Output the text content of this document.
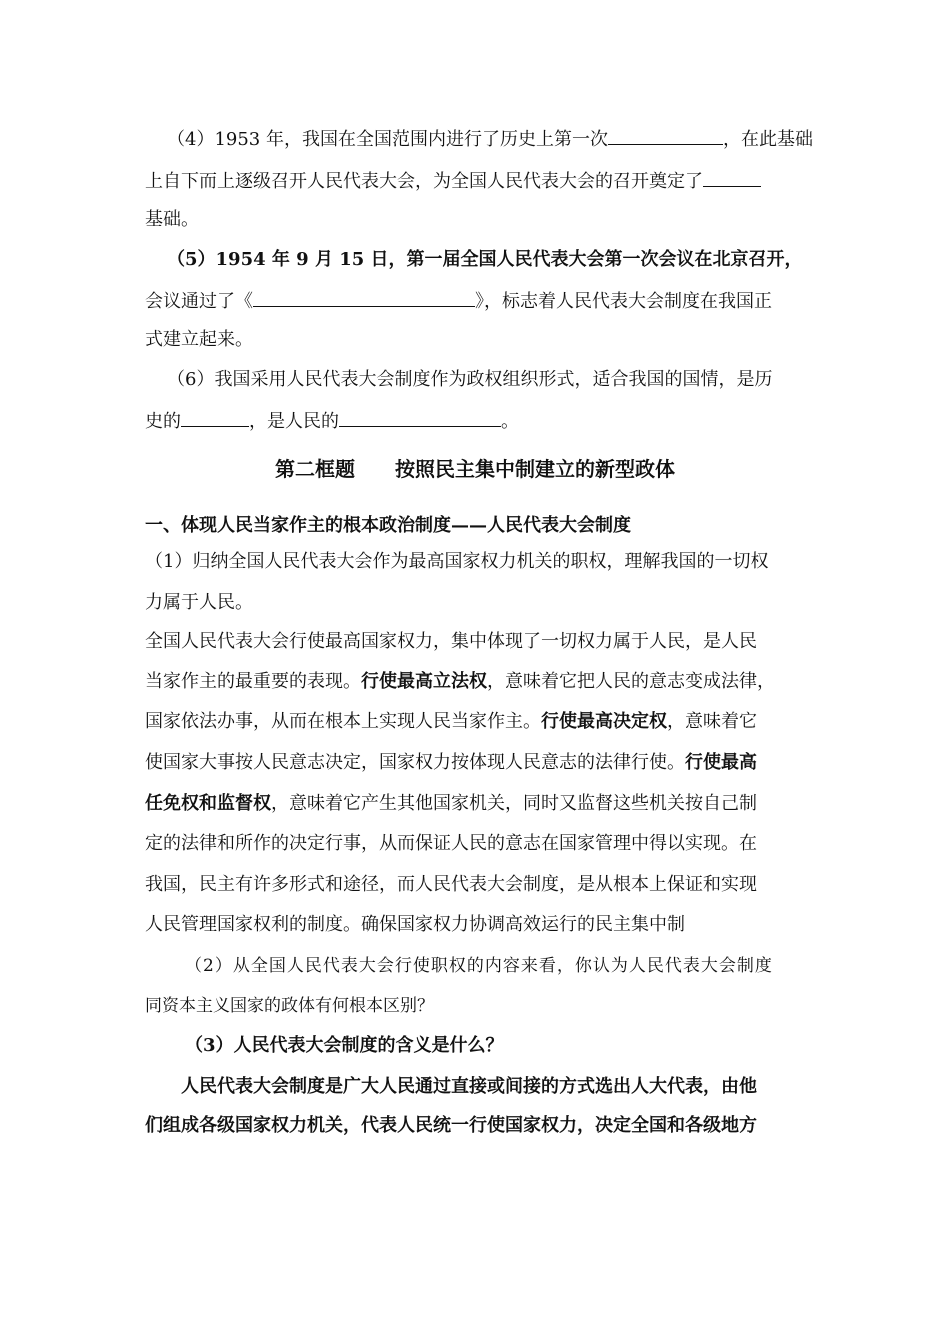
（4）1953 年，我国在全国范围内进行了历史上第一次	，在此基础
上自下而上逐级召开人民代表大会，为全国人民代表大会的召开奠定了
基础。
（5）1954 年 9 月 15 日，第一届全国人民代表大会第一次会议在北京召开，
会议通过了《	》，标志着人民代表大会制度在我国正
式建立起来。
（6）我国采用人民代表大会制度作为政权组织形式，适合我国的国情，是历
史的	，是人民的	。
第二框题 按照民主集中制建立的新型政体
一、体现人民当家作主的根本政治制度——人民代表大会制度
（1）归纳全国人民代表大会作为最高国家权力机关的职权，理解我国的一切权
力属于人民。
全国人民代表大会行使最高国家权力，集中体现了一切权力属于人民，是人民
当家作主的最重要的表现。行使最高立法权，意味着它把人民的意志变成法律，
国家依法办事，从而在根本上实现人民当家作主。行使最高决定权，意味着它
使国家大事按人民意志决定，国家权力按体现人民意志的法律行使。行使最高
任免权和监督权，意味着它产生其他国家机关，同时又监督这些机关按自己制
定的法律和所作的决定行事，从而保证人民的意志在国家管理中得以实现。在
我国，民主有许多形式和途径，而人民代表大会制度，是从根本上保证和实现
人民管理国家权利的制度。确保国家权力协调高效运行的民主集中制
（2）从全国人民代表大会行使职权的内容来看，你认为人民代表大会制度
同资本主义国家的政体有何根本区别？
（3）人民代表大会制度的含义是什么？
人民代表大会制度是广大人民通过直接或间接的方式选出人大代表，由他
们组成各级国家权力机关，代表人民统一行使国家权力，决定全国和各级地方
